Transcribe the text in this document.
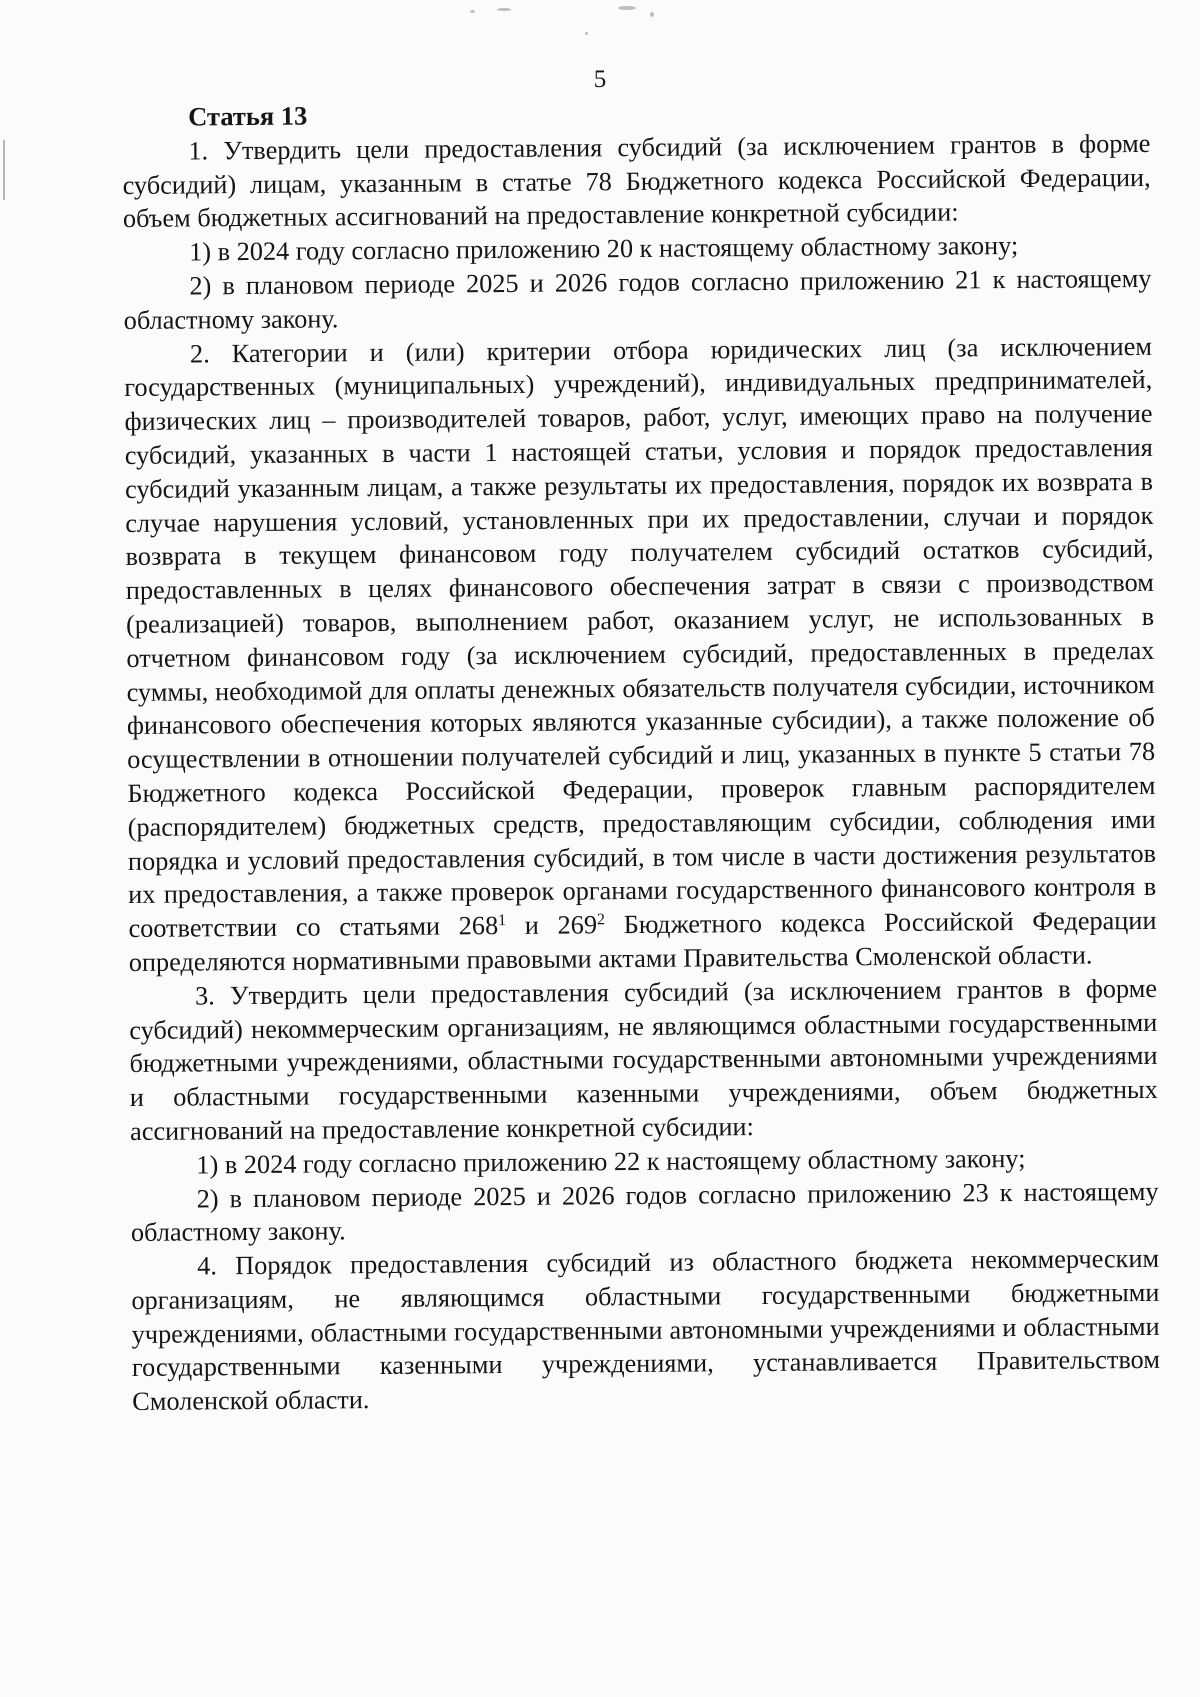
5
Статья 13

1. Утвердить цели предоставления субсидий (за исключением грантов в форме субсидий) лицам, указанным в статье 78 Бюджетного кодекса Российской Федерации, объем бюджетных ассигнований на предоставление конкретной субсидии:

1) в 2024 году согласно приложению 20 к настоящему областному закону;

2) в плановом периоде 2025 и 2026 годов согласно приложению 21 к настоящему областному закону.

2. Категории и (или) критерии отбора юридических лиц (за исключением государственных (муниципальных) учреждений), индивидуальных предпринимателей, физических лиц – производителей товаров, работ, услуг, имеющих право на получение субсидий, указанных в части 1 настоящей статьи, условия и порядок предоставления субсидий указанным лицам, а также результаты их предоставления, порядок их возврата в случае нарушения условий, установленных при их предоставлении, случаи и порядок возврата в текущем финансовом году получателем субсидий остатков субсидий, предоставленных в целях финансового обеспечения затрат в связи с производством (реализацией) товаров, выполнением работ, оказанием услуг, не использованных в отчетном финансовом году (за исключением субсидий, предоставленных в пределах суммы, необходимой для оплаты денежных обязательств получателя субсидии, источником финансового обеспечения которых являются указанные субсидии), а также положение об осуществлении в отношении получателей субсидий и лиц, указанных в пункте 5 статьи 78 Бюджетного кодекса Российской Федерации, проверок главным распорядителем (распорядителем) бюджетных средств, предоставляющим субсидии, соблюдения ими порядка и условий предоставления субсидий, в том числе в части достижения результатов их предоставления, а также проверок органами государственного финансового контроля в соответствии со статьями $268^1$ и $269^2$ Бюджетного кодекса Российской Федерации определяются нормативными правовыми актами Правительства Смоленской области.

3. Утвердить цели предоставления субсидий (за исключением грантов в форме субсидий) некоммерческим организациям, не являющимся областными государственными бюджетными учреждениями, областными государственными автономными учреждениями и областными государственными казенными учреждениями, объем бюджетных ассигнований на предоставление конкретной субсидии:

1) в 2024 году согласно приложению 22 к настоящему областному закону;

2) в плановом периоде 2025 и 2026 годов согласно приложению 23 к настоящему областному закону.

4. Порядок предоставления субсидий из областного бюджета некоммерческим организациям, не являющимся областными государственными бюджетными учреждениями, областными государственными автономными учреждениями и областными государственными казенными учреждениями, устанавливается Правительством Смоленской области.
